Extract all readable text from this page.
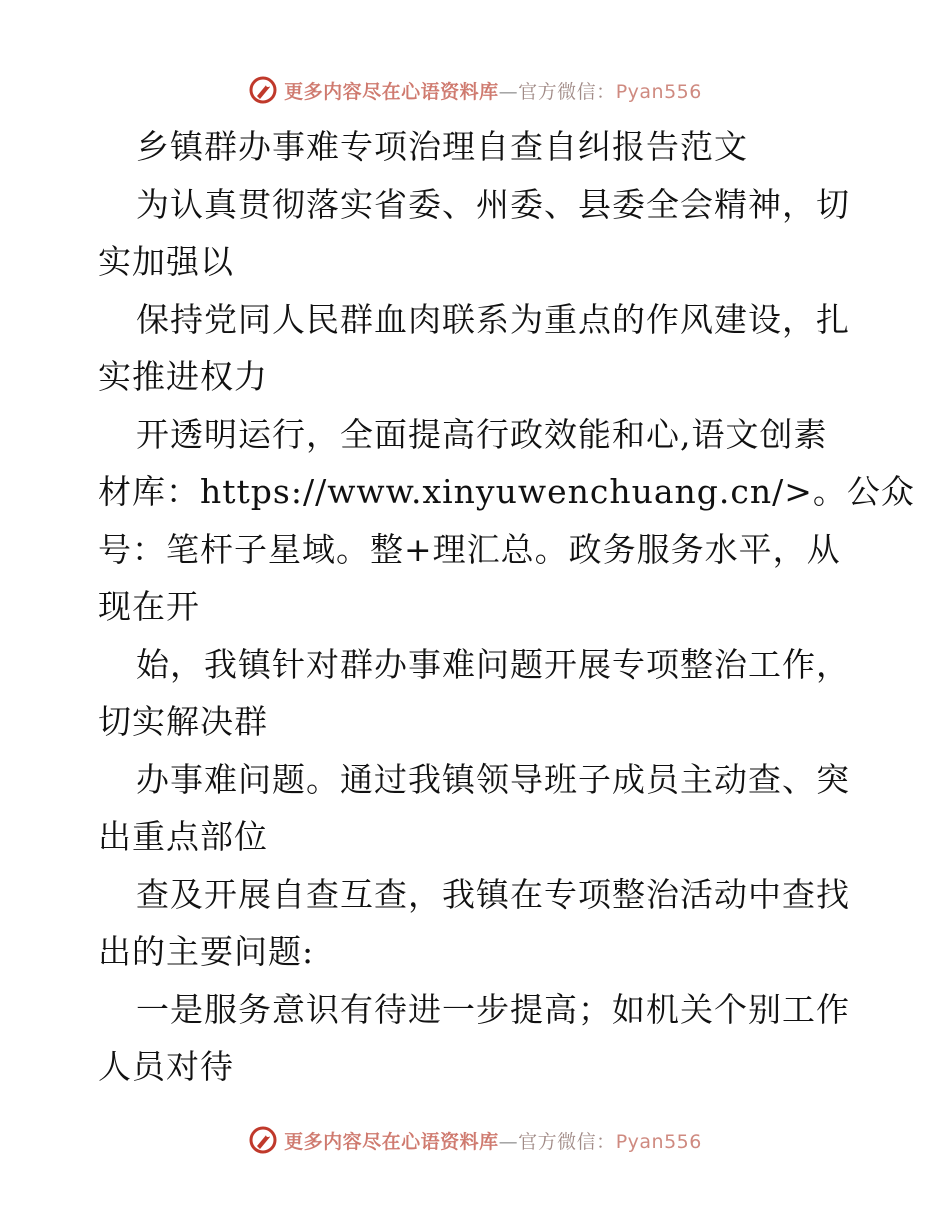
更多内容尽在心语资料库—官方微信：Pyan556
乡镇群办事难专项治理自查自纠报告范文
为认真贯彻落实省委、州委、县委全会精神，切
实加强以
保持党同人民群血肉联系为重点的作风建设，扎
实推进权力
开透明运行，全面提高行政效能和心,语文创素
材库：https://www.xinyuwenchuang.cn/>。公众
号：笔杆子星域。整+理汇总。政务服务水平，从
现在开
始，我镇针对群办事难问题开展专项整治工作，
切实解决群
办事难问题。通过我镇领导班子成员主动查、突
出重点部位
查及开展自查互查，我镇在专项整治活动中查找
出的主要问题:
一是服务意识有待进一步提高；如机关个别工作
人员对待
更多内容尽在心语资料库—官方微信：Pyan556
